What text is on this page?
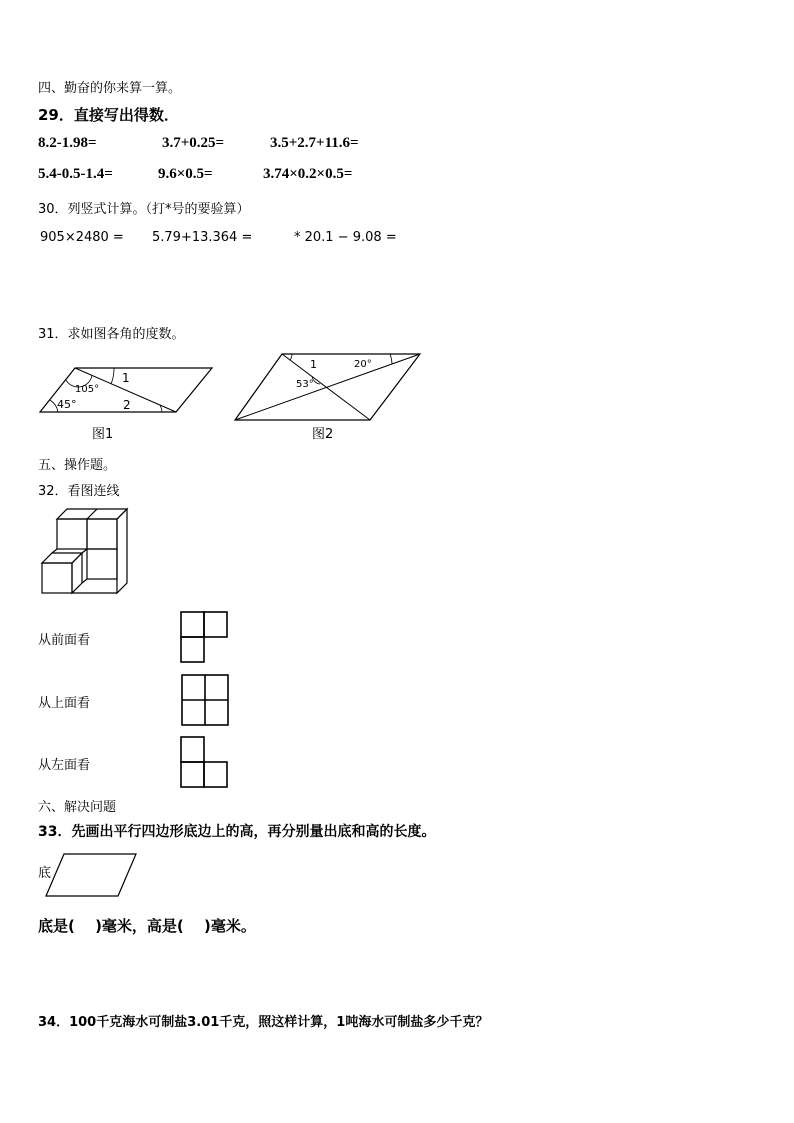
四、勤奋的你来算一算。
29．直接写出得数．
8.2-1.98=	3.7+0.25=	3.5+2.7+11.6=
5.4-0.5-1.4=	9.6×0.5=	3.74×0.2×0.5=
30．列竖式计算。（打*号的要验算）
905×2480 = 5.79+13.364 =	* 20.1 − 9.08 =
31．求如图各角的度数。
105°
45°
1
2
图1
1	20°
53°
图2
五、操作题。
32．看图连线
从前面看
从上面看
从左面看
六、解决问题
33．先画出平行四边形底边上的高，再分别量出底和高的长度。
底
底是(　 )毫米，高是(　 )毫米。
34．100千克海水可制盐3.01千克，照这样计算，1吨海水可制盐多少千克？
